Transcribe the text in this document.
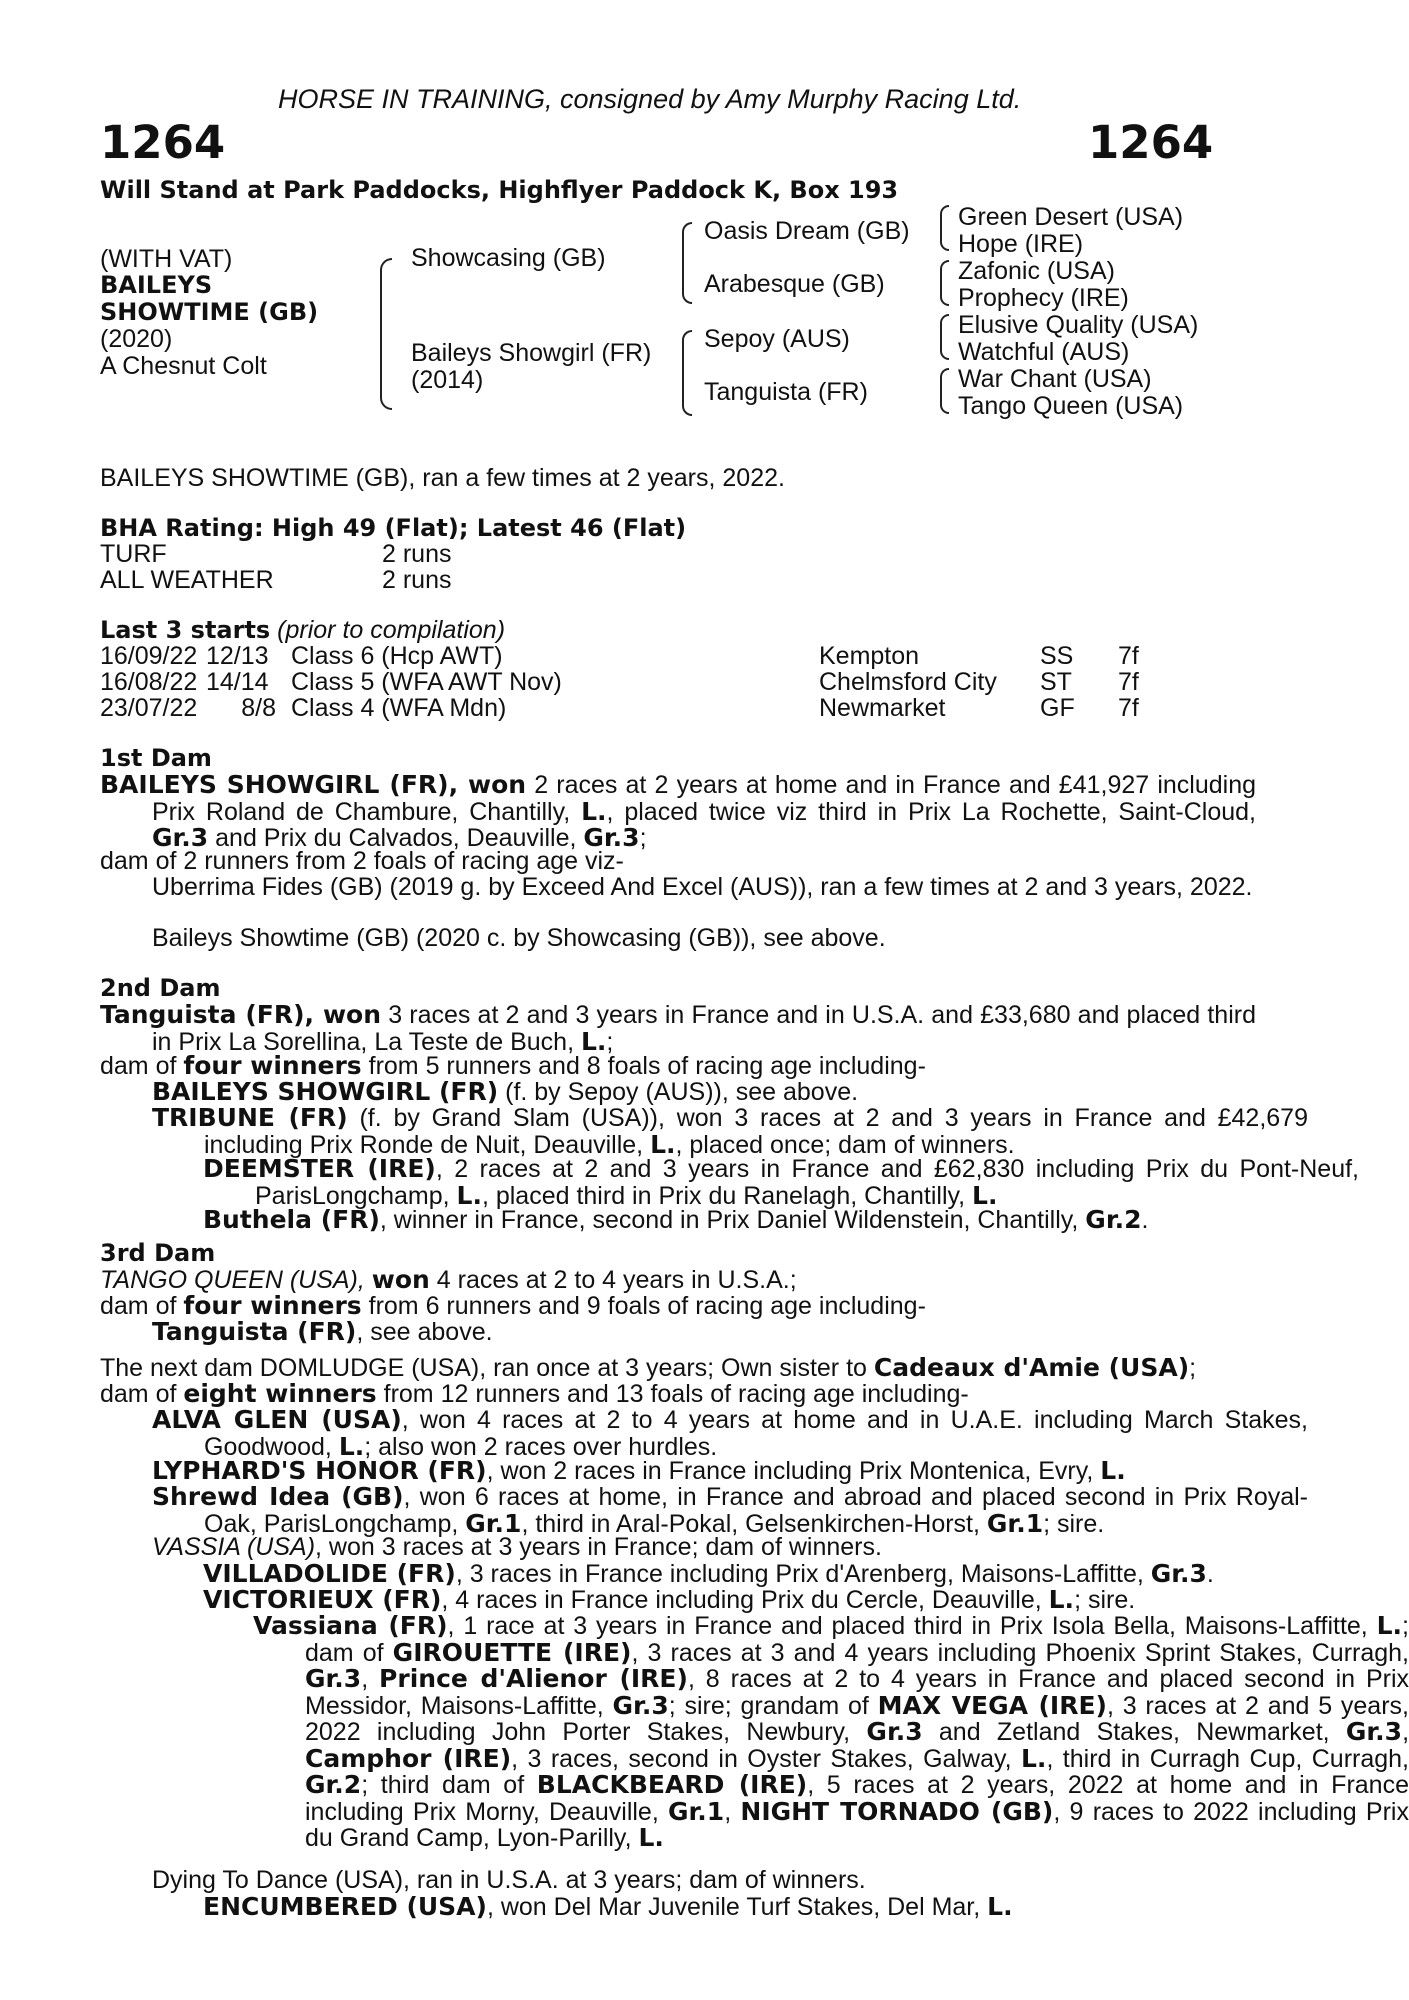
HORSE IN TRAINING, consigned by Amy Murphy Racing Ltd.
1264	1264
Will Stand at Park Paddocks, Highflyer Paddock K, Box 193
(WITH VAT)
BAILEYS
SHOWTIME (GB)
(2020)
A Chesnut Colt
Showcasing (GB)
Baileys Showgirl (FR)
(2014)
Oasis Dream (GB)
Arabesque (GB)
Sepoy (AUS)
Tanguista (FR)
Green Desert (USA)
Hope (IRE)
Zafonic (USA)
Prophecy (IRE)
Elusive Quality (USA)
Watchful (AUS)
War Chant (USA)
Tango Queen (USA)
BAILEYS SHOWTIME (GB), ran a few times at 2 years, 2022.
BHA Rating: High 49 (Flat); Latest 46 (Flat)
TURF	2 runs
ALL WEATHER	2 runs
Last 3 starts (prior to compilation)
16/09/22 12/13 Class 6 (Hcp AWT)	Kempton	SS 7f
16/08/22 14/14 Class 5 (WFA AWT Nov)	Chelmsford City ST 7f
23/07/22	8/8 Class 4 (WFA Mdn)	Newmarket	GF 7f
1st Dam
BAILEYS SHOWGIRL (FR), won 2 races at 2 years at home and in France and £41,927 including Prix Roland de Chambure, Chantilly, L., placed twice viz third in Prix La Rochette, Saint-Cloud, Gr.3 and Prix du Calvados, Deauville, Gr.3;
dam of 2 runners from 2 foals of racing age viz-
Uberrima Fides (GB) (2019 g. by Exceed And Excel (AUS)), ran a few times at 2 and 3 years, 2022.
Baileys Showtime (GB) (2020 c. by Showcasing (GB)), see above.
2nd Dam
Tanguista (FR), won 3 races at 2 and 3 years in France and in U.S.A. and £33,680 and placed third in Prix La Sorellina, La Teste de Buch, L.;
dam of four winners from 5 runners and 8 foals of racing age including-
BAILEYS SHOWGIRL (FR) (f. by Sepoy (AUS)), see above.
TRIBUNE (FR) (f. by Grand Slam (USA)), won 3 races at 2 and 3 years in France and £42,679 including Prix Ronde de Nuit, Deauville, L., placed once; dam of winners.
DEEMSTER (IRE), 2 races at 2 and 3 years in France and £62,830 including Prix du Pont-Neuf, ParisLongchamp, L., placed third in Prix du Ranelagh, Chantilly, L.
Buthela (FR), winner in France, second in Prix Daniel Wildenstein, Chantilly, Gr.2.
3rd Dam
TANGO QUEEN (USA), won 4 races at 2 to 4 years in U.S.A.;
dam of four winners from 6 runners and 9 foals of racing age including-
Tanguista (FR), see above.
The next dam DOMLUDGE (USA), ran once at 3 years; Own sister to Cadeaux d'Amie (USA);
dam of eight winners from 12 runners and 13 foals of racing age including-
ALVA GLEN (USA), won 4 races at 2 to 4 years at home and in U.A.E. including March Stakes, Goodwood, L.; also won 2 races over hurdles.
LYPHARD'S HONOR (FR), won 2 races in France including Prix Montenica, Evry, L.
Shrewd Idea (GB), won 6 races at home, in France and abroad and placed second in Prix Royal-Oak, ParisLongchamp, Gr.1, third in Aral-Pokal, Gelsenkirchen-Horst, Gr.1; sire.
VASSIA (USA), won 3 races at 3 years in France; dam of winners.
VILLADOLIDE (FR), 3 races in France including Prix d'Arenberg, Maisons-Laffitte, Gr.3.
VICTORIEUX (FR), 4 races in France including Prix du Cercle, Deauville, L.; sire.
Vassiana (FR), 1 race at 3 years in France and placed third in Prix Isola Bella, Maisons-Laffitte, L.; dam of GIROUETTE (IRE), 3 races at 3 and 4 years including Phoenix Sprint Stakes, Curragh, Gr.3, Prince d'Alienor (IRE), 8 races at 2 to 4 years in France and placed second in Prix Messidor, Maisons-Laffitte, Gr.3; sire; grandam of MAX VEGA (IRE), 3 races at 2 and 5 years, 2022 including John Porter Stakes, Newbury, Gr.3 and Zetland Stakes, Newmarket, Gr.3, Camphor (IRE), 3 races, second in Oyster Stakes, Galway, L., third in Curragh Cup, Curragh, Gr.2; third dam of BLACKBEARD (IRE), 5 races at 2 years, 2022 at home and in France including Prix Morny, Deauville, Gr.1, NIGHT TORNADO (GB), 9 races to 2022 including Prix du Grand Camp, Lyon-Parilly, L.
Dying To Dance (USA), ran in U.S.A. at 3 years; dam of winners.
ENCUMBERED (USA), won Del Mar Juvenile Turf Stakes, Del Mar, L.
